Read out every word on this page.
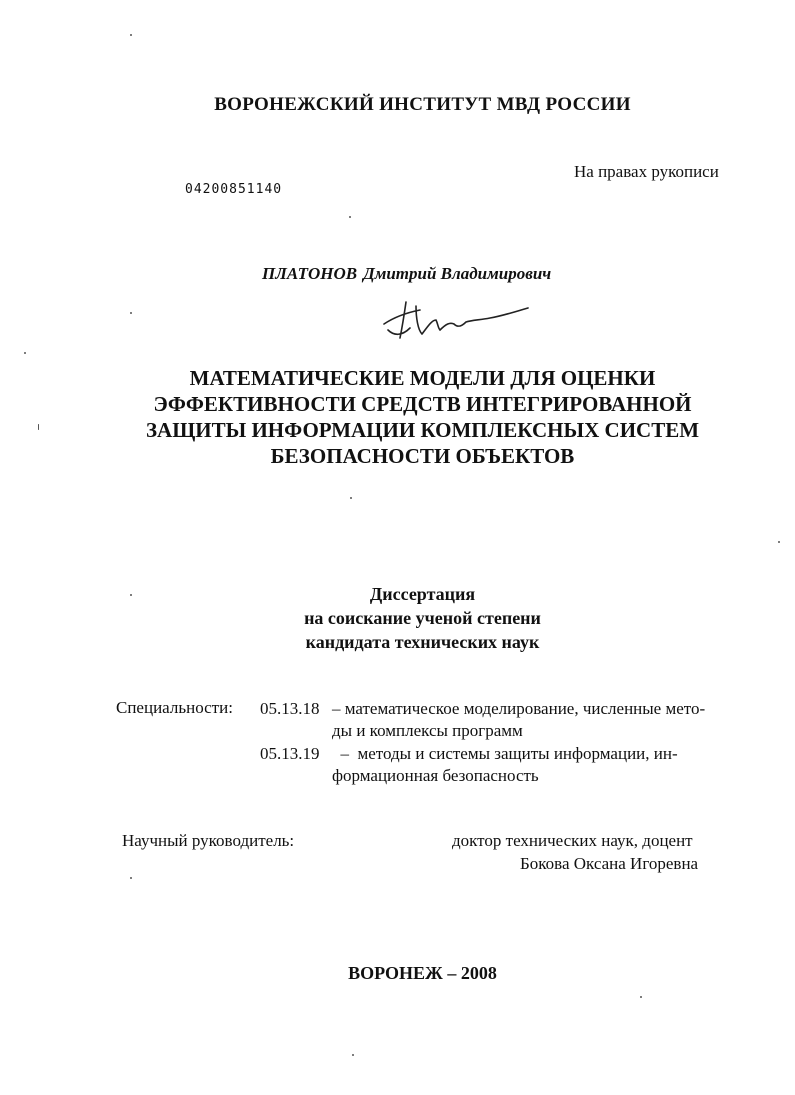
ВОРОНЕЖСКИЙ ИНСТИТУТ МВД РОССИИ
На правах рукописи
04200851140
ПЛАТОНОВ Дмитрий Владимирович
МАТЕМАТИЧЕСКИЕ МОДЕЛИ ДЛЯ ОЦЕНКИ
ЭФФЕКТИВНОСТИ СРЕДСТВ ИНТЕГРИРОВАННОЙ
ЗАЩИТЫ ИНФОРМАЦИИ КОМПЛЕКСНЫХ СИСТЕМ
БЕЗОПАСНОСТИ ОБЪЕКТОВ
Диссертация
на соискание ученой степени
кандидата технических наук
Специальности: 05.13.18 – математическое моделирование, численные мето-
ды и комплексы программ
05.13.19  –  методы и системы защиты информации, ин-
формационная безопасность
Научный руководитель:	доктор технических наук, доцент
Бокова Оксана Игоревна
ВОРОНЕЖ – 2008
